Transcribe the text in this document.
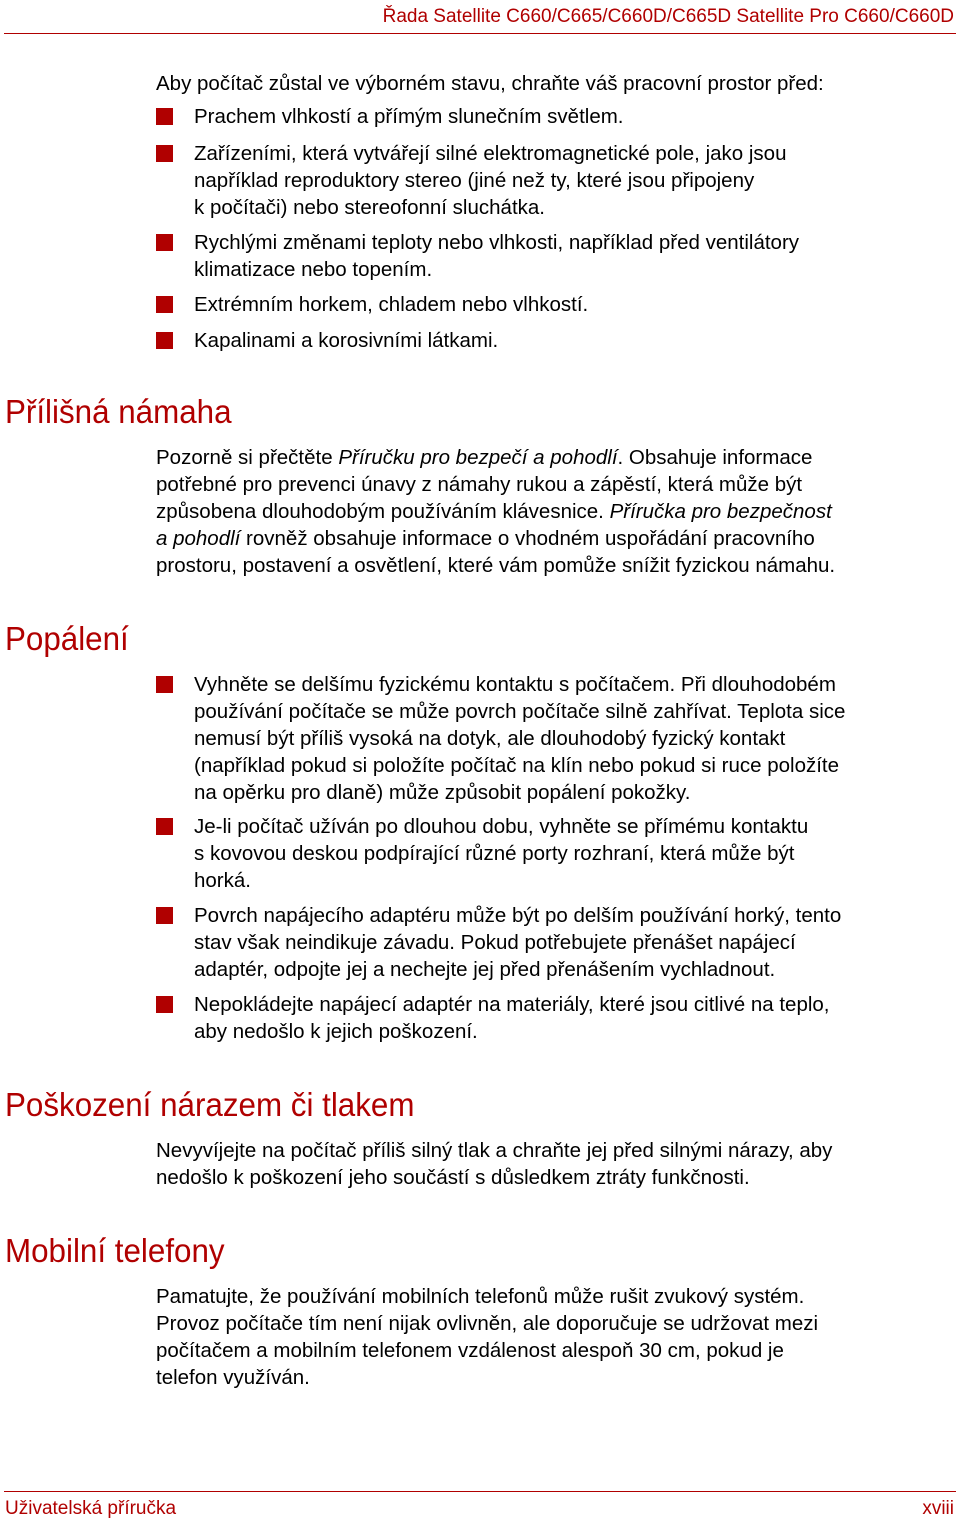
Řada Satellite C660/C665/C660D/C665D Satellite Pro C660/C660D

Aby počítač zůstal ve výborném stavu, chraňte váš pracovní prostor před:

Prachem vlhkostí a přímým slunečním světlem.
Zařízeními, která vytvářejí silné elektromagnetické pole, jako jsou
například reproduktory stereo (jiné než ty, které jsou připojeny
k počítači) nebo stereofonní sluchátka.
Rychlými změnami teploty nebo vlhkosti, například před ventilátory
klimatizace nebo topením.
Extrémním horkem, chladem nebo vlhkostí.
Kapalinami a korosivními látkami.
Přílišná námaha

Pozorně si přečtěte Příručku pro bezpečí a pohodlí. Obsahuje informace
potřebné pro prevenci únavy z námahy rukou a zápěstí, která může být
způsobena dlouhodobým používáním klávesnice. Příručka pro bezpečnost
a pohodlí rovněž obsahuje informace o vhodném uspořádání pracovního
prostoru, postavení a osvětlení, které vám pomůže snížit fyzickou námahu.

Popálení
Vyhněte se delšímu fyzickému kontaktu s počítačem. Při dlouhodobém
používání počítače se může povrch počítače silně zahřívat. Teplota sice
nemusí být příliš vysoká na dotyk, ale dlouhodobý fyzický kontakt
(například pokud si položíte počítač na klín nebo pokud si ruce položíte
na opěrku pro dlaně) může způsobit popálení pokožky.
Je-li počítač užíván po dlouhou dobu, vyhněte se přímému kontaktu
s kovovou deskou podpírající různé porty rozhraní, která může být
horká.
Povrch napájecího adaptéru může být po delším používání horký, tento
stav však neindikuje závadu. Pokud potřebujete přenášet napájecí
adaptér, odpojte jej a nechejte jej před přenášením vychladnout.
Nepokládejte napájecí adaptér na materiály, které jsou citlivé na teplo,
aby nedošlo k jejich poškození.
Poškození nárazem či tlakem

Nevyvíjejte na počítač příliš silný tlak a chraňte jej před silnými nárazy, aby
nedošlo k poškození jeho součástí s důsledkem ztráty funkčnosti.

Mobilní telefony

Pamatujte, že používání mobilních telefonů může rušit zvukový systém.
Provoz počítače tím není nijak ovlivněn, ale doporučuje se udržovat mezi
počítačem a mobilním telefonem vzdálenost alespoň 30 cm, pokud je
telefon využíván.

Uživatelská příručka	xviii
